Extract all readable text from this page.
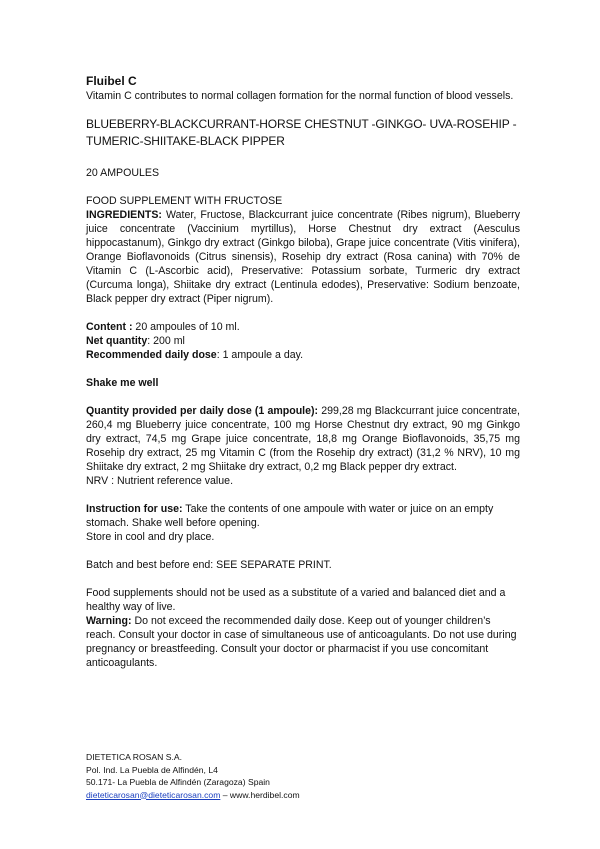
Fluibel C
Vitamin C contributes to normal collagen formation for the normal function of blood vessels.
BLUEBERRY-BLACKCURRANT-HORSE CHESTNUT -GINKGO- UVA-ROSEHIP -
TUMERIC-SHIITAKE-BLACK PIPPER
20 AMPOULES
FOOD SUPPLEMENT WITH FRUCTOSE
INGREDIENTS: Water, Fructose, Blackcurrant juice concentrate (Ribes nigrum), Blueberry juice concentrate (Vaccinium myrtillus), Horse Chestnut dry extract (Aesculus hippocastanum), Ginkgo dry extract (Ginkgo biloba), Grape juice concentrate (Vitis vinifera), Orange Bioflavonoids (Citrus sinensis), Rosehip dry extract (Rosa canina) with 70% de Vitamin C (L-Ascorbic acid), Preservative: Potassium sorbate, Turmeric dry extract (Curcuma longa), Shiitake dry extract (Lentinula edodes), Preservative: Sodium benzoate, Black pepper dry extract (Piper nigrum).
Content : 20 ampoules of 10 ml.
Net quantity: 200 ml
Recommended daily dose: 1 ampoule a day.
Shake me well
Quantity provided per daily dose (1 ampoule): 299,28 mg Blackcurrant juice concentrate, 260,4 mg Blueberry juice concentrate, 100 mg Horse Chestnut dry extract, 90 mg Ginkgo dry extract, 74,5 mg Grape juice concentrate, 18,8 mg Orange Bioflavonoids, 35,75 mg Rosehip dry extract, 25 mg Vitamin C (from the Rosehip dry extract) (31,2 % NRV), 10 mg Shiitake dry extract, 2 mg Shiitake dry extract, 0,2 mg Black pepper dry extract.
NRV : Nutrient reference value.
Instruction for use: Take the contents of one ampoule with water or juice on an empty stomach. Shake well before opening.
Store in cool and dry place.
Batch and best before end: SEE SEPARATE PRINT.
Food supplements should not be used as a substitute of a varied and balanced diet and a healthy way of live.
Warning: Do not exceed the recommended daily dose. Keep out of younger children’s reach. Consult your doctor in case of simultaneous use of anticoagulants. Do not use during pregnancy or breastfeeding. Consult your doctor or pharmacist if you use concomitant anticoagulants.
DIETETICA ROSAN S.A.
Pol. Ind. La Puebla de Alfindén, L4
50.171- La Puebla de Alfindén (Zaragoza) Spain
dieteticarosan@dieteticarosan.com – www.herdibel.com
